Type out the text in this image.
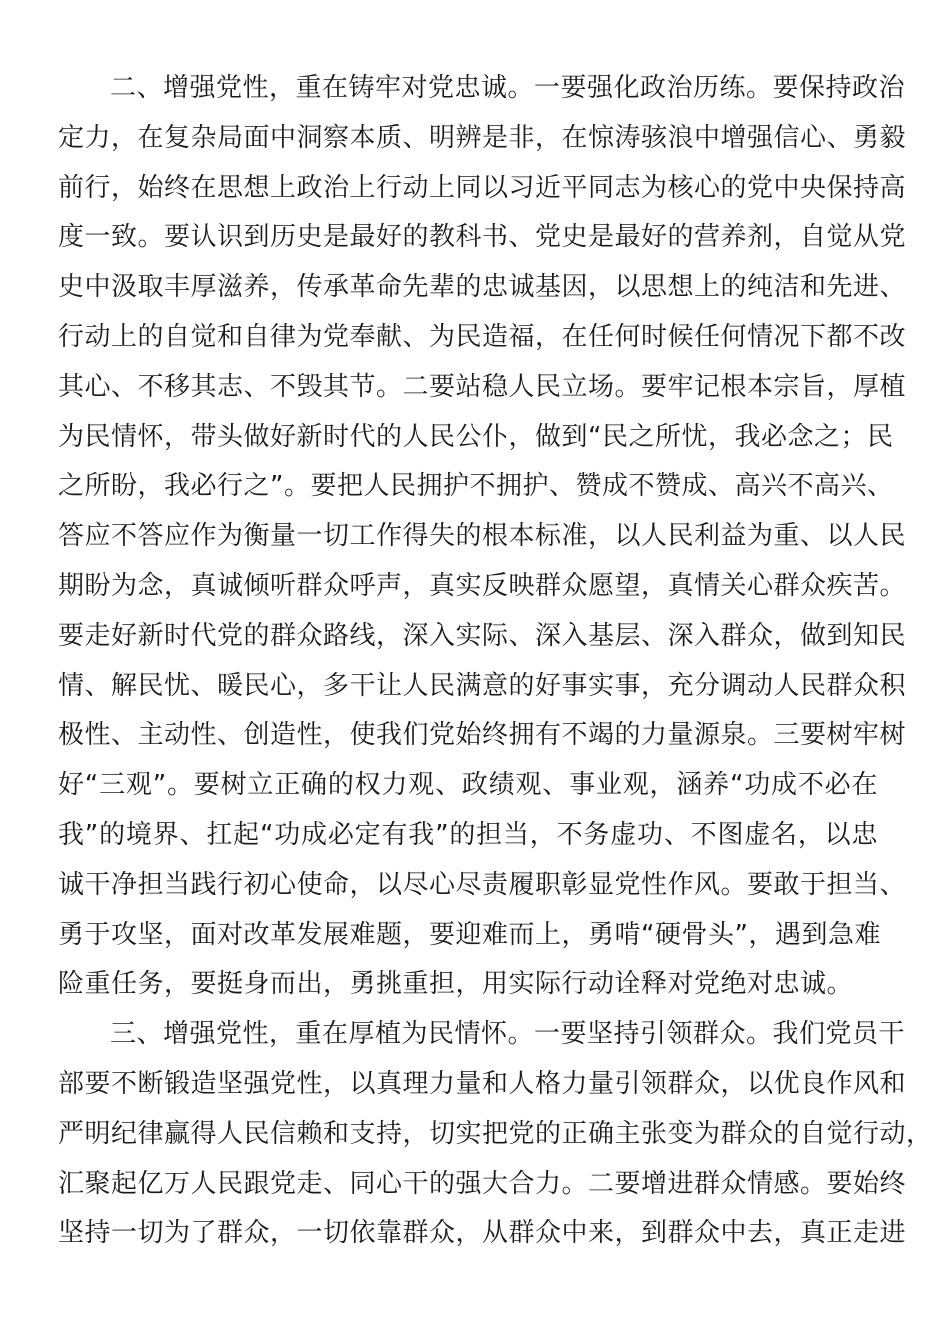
二、增强党性，重在铸牢对党忠诚。一要强化政治历练。要保持政治
定力，在复杂局面中洞察本质、明辨是非，在惊涛骇浪中增强信心、勇毅
前行，始终在思想上政治上行动上同以习近平同志为核心的党中央保持高
度一致。要认识到历史是最好的教科书、党史是最好的营养剂，自觉从党
史中汲取丰厚滋养，传承革命先辈的忠诚基因，以思想上的纯洁和先进、
行动上的自觉和自律为党奉献、为民造福，在任何时候任何情况下都不改
其心、不移其志、不毁其节。二要站稳人民立场。要牢记根本宗旨，厚植
为民情怀，带头做好新时代的人民公仆，做到“民之所忧，我必念之；民
之所盼，我必行之”。要把人民拥护不拥护、赞成不赞成、高兴不高兴、
答应不答应作为衡量一切工作得失的根本标准，以人民利益为重、以人民
期盼为念，真诚倾听群众呼声，真实反映群众愿望，真情关心群众疾苦。
要走好新时代党的群众路线，深入实际、深入基层、深入群众，做到知民
情、解民忧、暖民心，多干让人民满意的好事实事，充分调动人民群众积
极性、主动性、创造性，使我们党始终拥有不竭的力量源泉。三要树牢树
好“三观”。要树立正确的权力观、政绩观、事业观，涵养“功成不必在
我”的境界、扛起“功成必定有我”的担当，不务虚功、不图虚名，以忠
诚干净担当践行初心使命，以尽心尽责履职彰显党性作风。要敢于担当、
勇于攻坚，面对改革发展难题，要迎难而上，勇啃“硬骨头”，遇到急难
险重任务，要挺身而出，勇挑重担，用实际行动诠释对党绝对忠诚。
三、增强党性，重在厚植为民情怀。一要坚持引领群众。我们党员干
部要不断锻造坚强党性，以真理力量和人格力量引领群众，以优良作风和
严明纪律赢得人民信赖和支持，切实把党的正确主张变为群众的自觉行动，
汇聚起亿万人民跟党走、同心干的强大合力。二要增进群众情感。要始终
坚持一切为了群众，一切依靠群众，从群众中来，到群众中去，真正走进
